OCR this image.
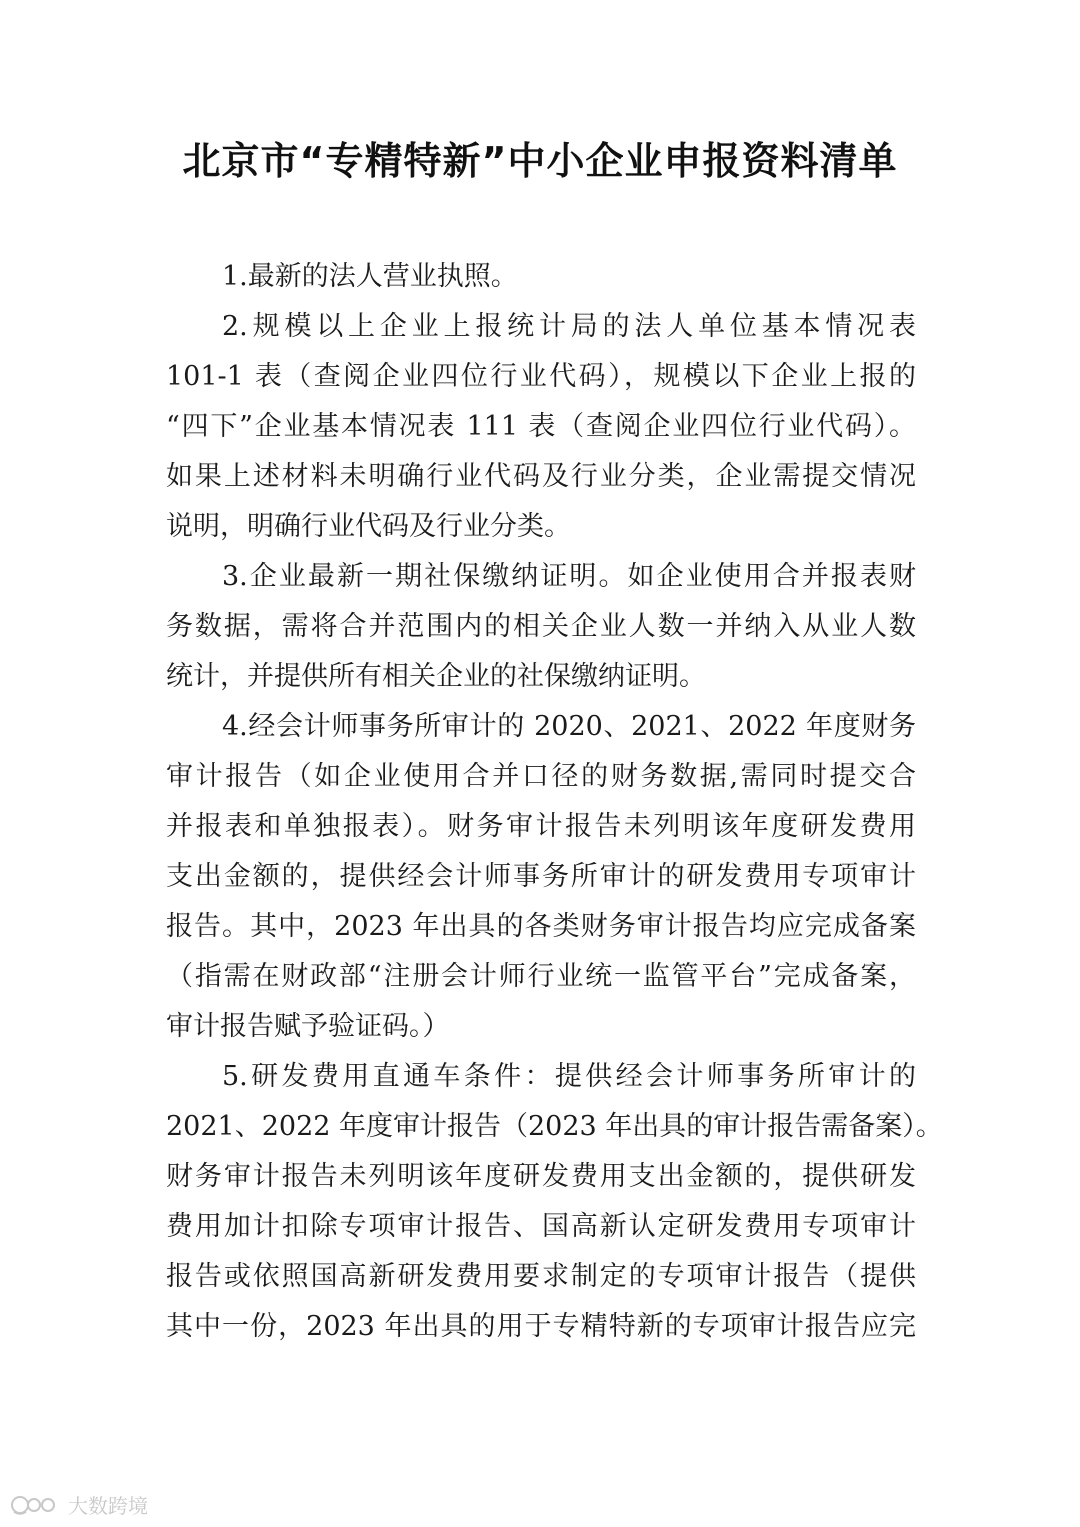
北京市“专精特新”中小企业申报资料清单
1.最新的法人营业执照。
2.规模以上企业上报统计局的法人单位基本情况表
101-1 表（查阅企业四位行业代码），规模以下企业上报的
“四下”企业基本情况表 111 表（查阅企业四位行业代码）。
如果上述材料未明确行业代码及行业分类，企业需提交情况
说明，明确行业代码及行业分类。
3.企业最新一期社保缴纳证明。如企业使用合并报表财
务数据，需将合并范围内的相关企业人数一并纳入从业人数
统计，并提供所有相关企业的社保缴纳证明。
4.经会计师事务所审计的 2020、2021、2022 年度财务
审计报告（如企业使用合并口径的财务数据,需同时提交合
并报表和单独报表）。财务审计报告未列明该年度研发费用
支出金额的，提供经会计师事务所审计的研发费用专项审计
报告。其中，2023 年出具的各类财务审计报告均应完成备案
（指需在财政部“注册会计师行业统一监管平台”完成备案，
审计报告赋予验证码。）
5.研发费用直通车条件：提供经会计师事务所审计的
2021、2022 年度审计报告（2023 年出具的审计报告需备案）。
财务审计报告未列明该年度研发费用支出金额的，提供研发
费用加计扣除专项审计报告、国高新认定研发费用专项审计
报告或依照国高新研发费用要求制定的专项审计报告（提供
其中一份，2023 年出具的用于专精特新的专项审计报告应完
大数跨境
